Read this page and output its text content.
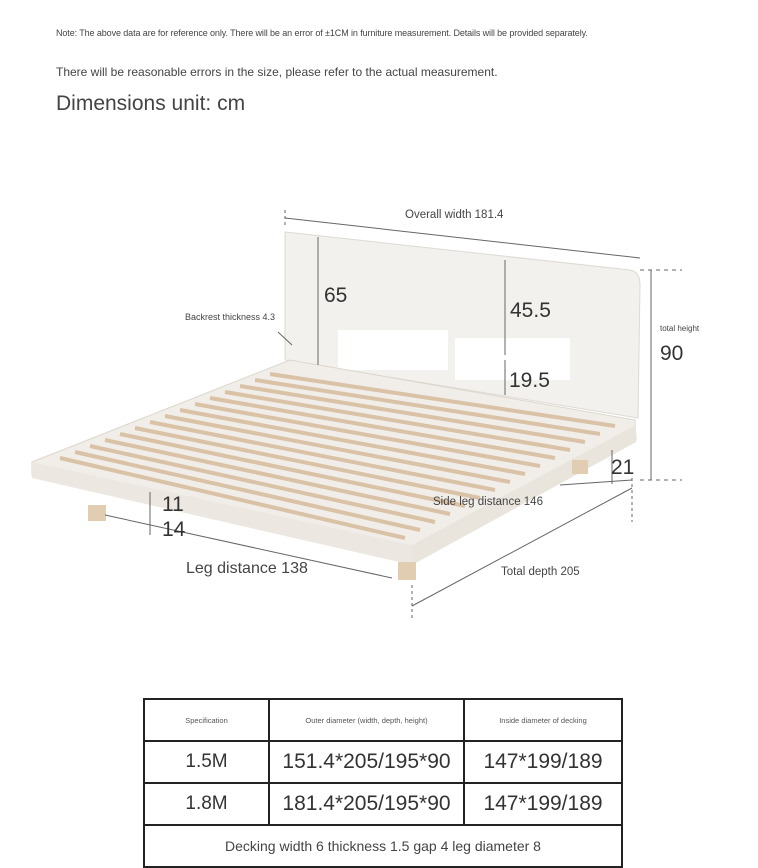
Note: The above data are for reference only. There will be an error of ±1CM in furniture measurement. Details will be provided separately.
There will be reasonable errors in the size, please refer to the actual measurement.
Dimensions unit: cm
Overall width 181.4
Backrest thickness 4.3
65
45.5
19.5
total height
90
21
Side leg distance 146
11
14
Leg distance 138	Total depth 205
Specification	Outer diameter (width, depth, height)	Inside diameter of decking
1.5M	151.4*205/195*90	147*199/189
1.8M	181.4*205/195*90	147*199/189
Decking width 6 thickness 1.5 gap 4 leg diameter 8		
